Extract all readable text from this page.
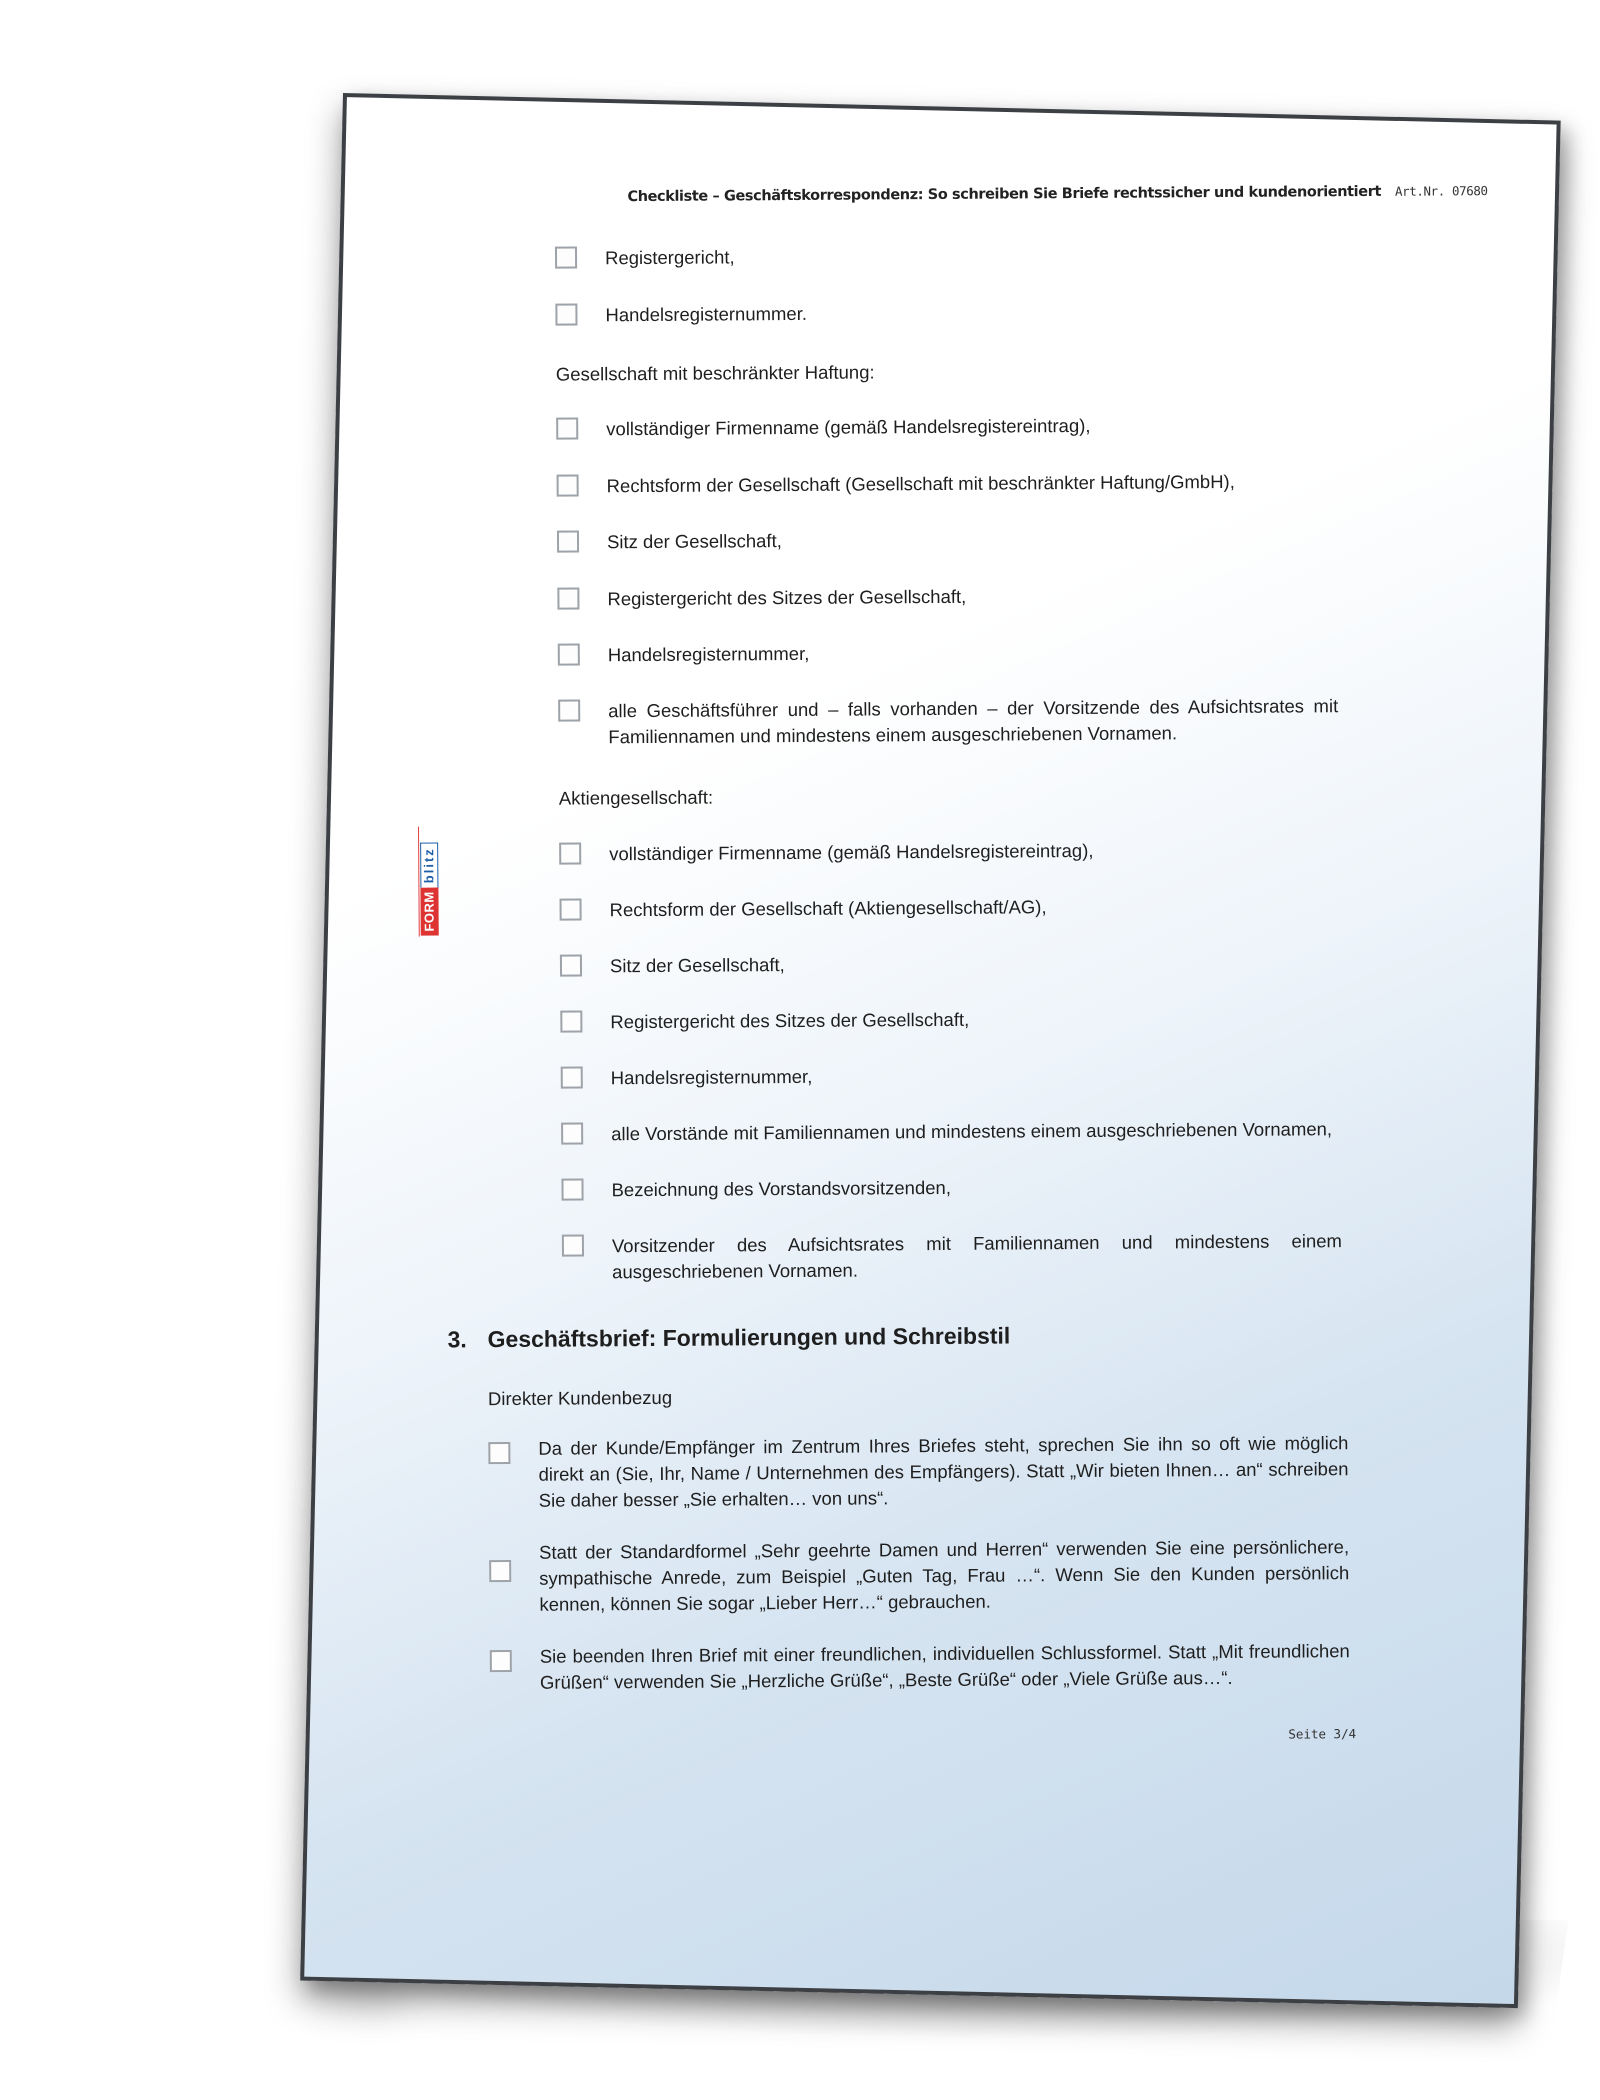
Checkliste – Geschäftskorrespondenz: So schreiben Sie Briefe rechtssicher und kundenorientiert Art.Nr. 07680
FORM
blitz
Registergericht,
Handelsregisternummer.
Gesellschaft mit beschränkter Haftung:
vollständiger Firmenname (gemäß Handelsregistereintrag),
Rechtsform der Gesellschaft (Gesellschaft mit beschränkter Haftung/GmbH),
Sitz der Gesellschaft,
Registergericht des Sitzes der Gesellschaft,
Handelsregisternummer,
alle Geschäftsführer und – falls vorhanden – der Vorsitzende des Aufsichtsrates mit Familiennamen und mindestens einem ausgeschriebenen Vornamen.
Aktiengesellschaft:
vollständiger Firmenname (gemäß Handelsregistereintrag),
Rechtsform der Gesellschaft (Aktiengesellschaft/AG),
Sitz der Gesellschaft,
Registergericht des Sitzes der Gesellschaft,
Handelsregisternummer,
alle Vorstände mit Familiennamen und mindestens einem ausgeschriebenen Vornamen,
Bezeichnung des Vorstandsvorsitzenden,
Vorsitzender des Aufsichtsrates mit Familiennamen und mindestens einem ausgeschriebenen Vornamen.
3. Geschäftsbrief: Formulierungen und Schreibstil
Direkter Kundenbezug
Da der Kunde/Empfänger im Zentrum Ihres Briefes steht, sprechen Sie ihn so oft wie möglich direkt an (Sie, Ihr, Name / Unternehmen des Empfängers). Statt „Wir bieten Ihnen… an“ schreiben Sie daher besser „Sie erhalten… von uns“.
Statt der Standardformel „Sehr geehrte Damen und Herren“ verwenden Sie eine persönlichere, sympathische Anrede, zum Beispiel „Guten Tag, Frau …“. Wenn Sie den Kunden persönlich kennen, können Sie sogar „Lieber Herr…“ gebrauchen.
Sie beenden Ihren Brief mit einer freundlichen, individuellen Schlussformel. Statt „Mit freundlichen Grüßen“ verwenden Sie „Herzliche Grüße“, „Beste Grüße“ oder „Viele Grüße aus…“.
Seite 3/4
